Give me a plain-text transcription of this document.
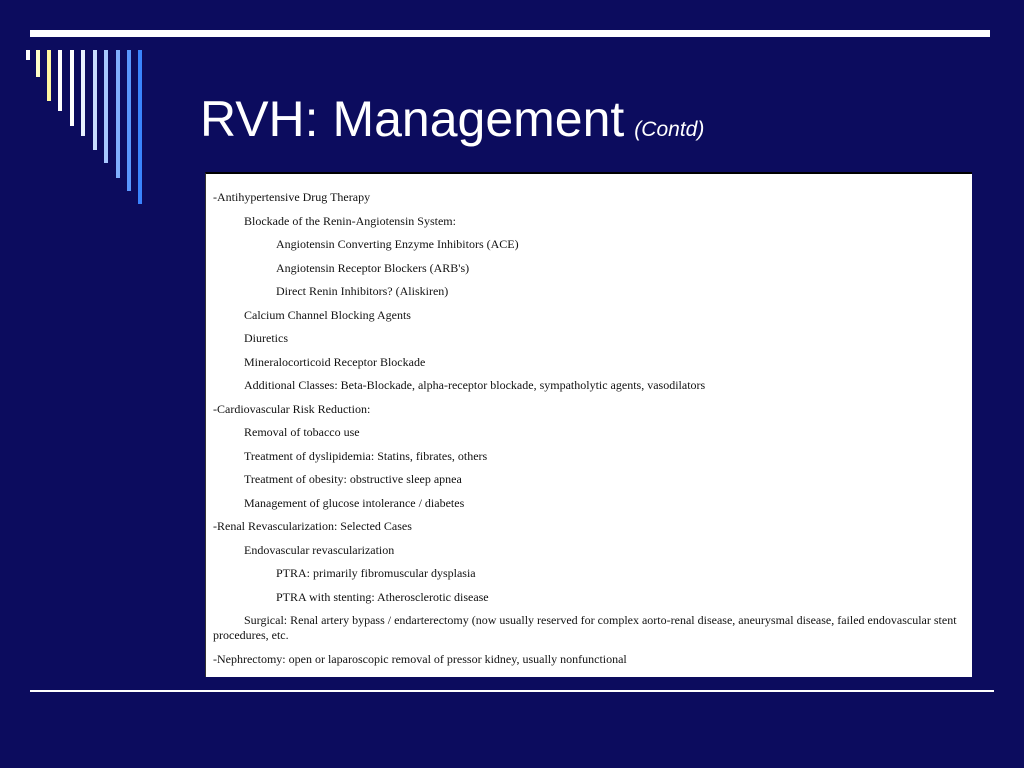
RVH: Management (Contd)
-Antihypertensive Drug Therapy
Blockade of the Renin-Angiotensin System:
Angiotensin Converting Enzyme Inhibitors (ACE)
Angiotensin Receptor Blockers (ARB's)
Direct Renin Inhibitors? (Aliskiren)
Calcium Channel Blocking Agents
Diuretics
Mineralocorticoid Receptor Blockade
Additional Classes: Beta-Blockade, alpha-receptor blockade, sympatholytic agents, vasodilators
-Cardiovascular Risk Reduction:
Removal of tobacco use
Treatment of dyslipidemia: Statins, fibrates, others
Treatment of obesity: obstructive sleep apnea
Management of glucose intolerance / diabetes
-Renal Revascularization: Selected Cases
Endovascular revascularization
PTRA: primarily fibromuscular dysplasia
PTRA with stenting: Atherosclerotic disease
Surgical: Renal artery bypass / endarterectomy (now usually reserved for complex aorto-renal disease, aneurysmal disease, failed endovascular stent procedures, etc.
-Nephrectomy: open or laparoscopic removal of pressor kidney, usually nonfunctional
